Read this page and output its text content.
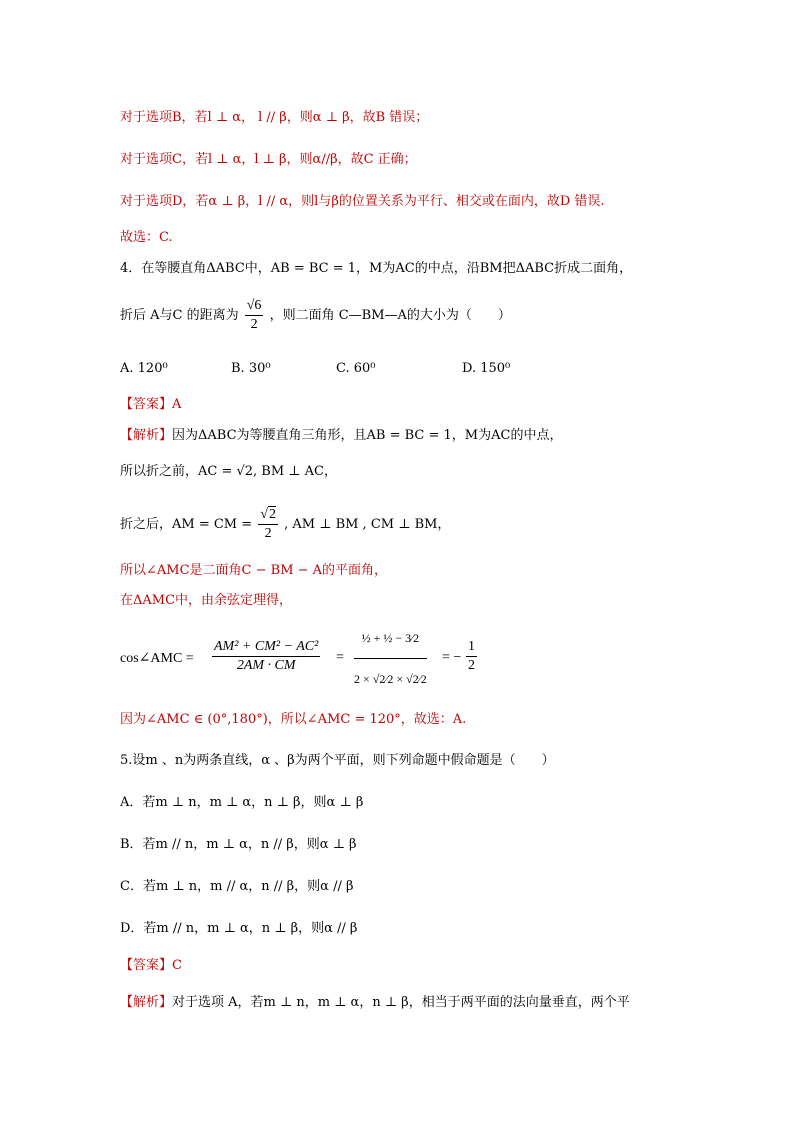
对于选项B，若l ⊥ α， l // β，则α ⊥ β，故B 错误；
对于选项C，若l ⊥ α，l ⊥ β，则α//β，故C 正确；
对于选项D，若α ⊥ β，l // α，则l与β的位置关系为平行、相交或在面内，故D 错误.
故选：C.
4．在等腰直角ΔABC中，AB = BC = 1，M为AC的中点，沿BM把ΔABC折成二面角，
折后 A与C 的距离为 $\frac{√6}{2}$ ，则二面角 C—BM—A的大小为（　　）
A. 120⁰	B. 30⁰	C. 60⁰	D. 150⁰
【答案】A
【解析】因为ΔABC为等腰直角三角形，且AB = BC = 1，M为AC的中点，
所以折之前，AC = √2, BM ⊥ AC，
折之后，AM = CM = $\frac{√2}{2}$ , AM ⊥ BM , CM ⊥ BM，
所以∠AMC是二面角C − BM − A的平面角，
在ΔAMC中，由余弦定理得，
cos∠AMC = $\frac{\text{AM² + CM² − AC²}}{2AM \cdot CM} = \frac{\text{½ + ½ − 3⁄2}}{2 \times √2⁄2 \times √2⁄2}$ = − $\frac{1}{2}$
因为∠AMC ∈ (0°,180°)，所以∠AMC = 120°，故选：A.
5.设m 、n为两条直线，α 、β为两个平面，则下列命题中假命题是（　　）
A．若m ⊥ n，m ⊥ α，n ⊥ β，则α ⊥ β
B．若m // n，m ⊥ α，n // β，则α ⊥ β
C．若m ⊥ n，m // α，n // β，则α // β
D．若m // n，m ⊥ α，n ⊥ β，则α // β
【答案】C
【解析】对于选项 A，若m ⊥ n，m ⊥ α，n ⊥ β，相当于两平面的法向量垂直，两个平
